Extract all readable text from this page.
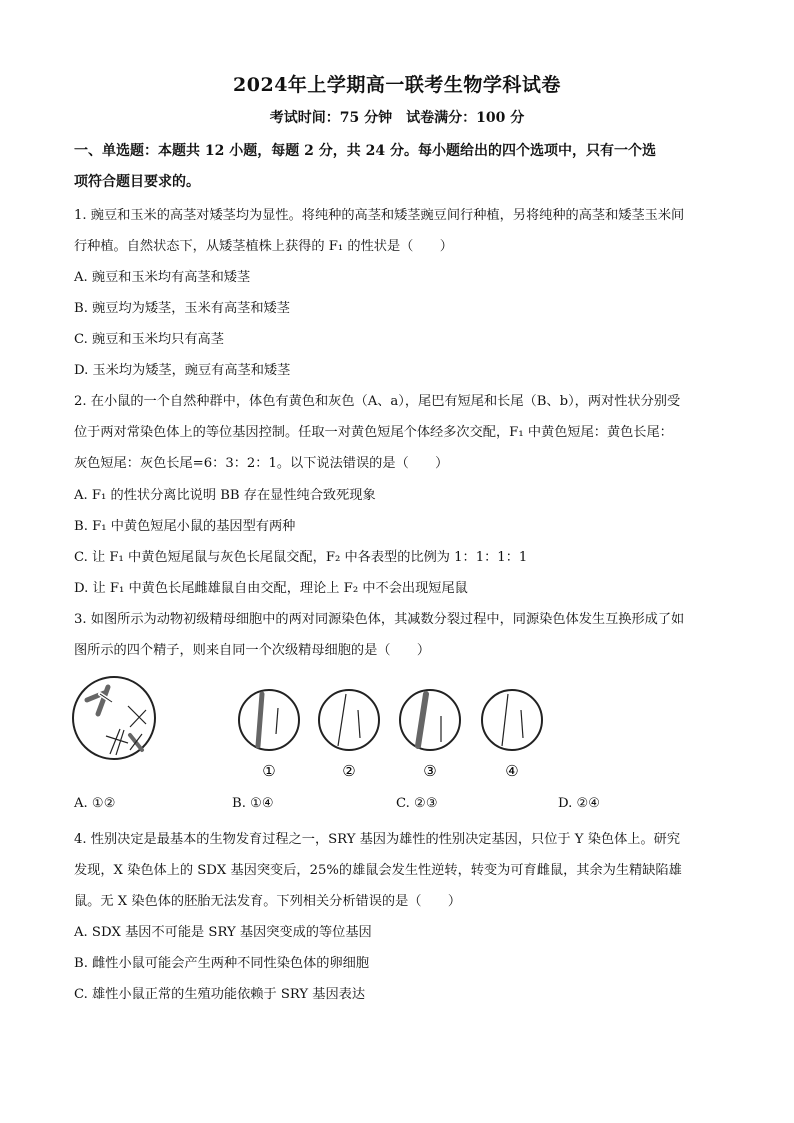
2024年上学期高一联考生物学科试卷
考试时间：75 分钟　试卷满分：100 分
一、单选题：本题共 12 小题，每题 2 分，共 24 分。每小题给出的四个选项中，只有一个选
项符合题目要求的。
1. 豌豆和玉米的高茎对矮茎均为显性。将纯种的高茎和矮茎豌豆间行种植，另将纯种的高茎和矮茎玉米间
行种植。自然状态下，从矮茎植株上获得的 F₁ 的性状是（　　）
A. 豌豆和玉米均有高茎和矮茎
B. 豌豆均为矮茎，玉米有高茎和矮茎
C. 豌豆和玉米均只有高茎
D. 玉米均为矮茎，豌豆有高茎和矮茎
2. 在小鼠的一个自然种群中，体色有黄色和灰色（A、a），尾巴有短尾和长尾（B、b），两对性状分别受
位于两对常染色体上的等位基因控制。任取一对黄色短尾个体经多次交配，F₁ 中黄色短尾：黄色长尾：
灰色短尾：灰色长尾=6：3：2：1。以下说法错误的是（　　）
A. F₁ 的性状分离比说明 BB 存在显性纯合致死现象
B. F₁ 中黄色短尾小鼠的基因型有两种
C. 让 F₁ 中黄色短尾鼠与灰色长尾鼠交配，F₂ 中各表型的比例为 1：1：1：1
D. 让 F₁ 中黄色长尾雌雄鼠自由交配，理论上 F₂ 中不会出现短尾鼠
3. 如图所示为动物初级精母细胞中的两对同源染色体，其减数分裂过程中，同源染色体发生互换形成了如
图所示的四个精子，则来自同一个次级精母细胞的是（　　）
①	②	③	④
A. ①②	B. ①④	C. ②③	D. ②④
4. 性别决定是最基本的生物发育过程之一，SRY 基因为雄性的性别决定基因，只位于 Y 染色体上。研究
发现，X 染色体上的 SDX 基因突变后，25%的雄鼠会发生性逆转，转变为可育雌鼠，其余为生精缺陷雄
鼠。无 X 染色体的胚胎无法发育。下列相关分析错误的是（　　）
A. SDX 基因不可能是 SRY 基因突变成的等位基因
B. 雌性小鼠可能会产生两种不同性染色体的卵细胞
C. 雄性小鼠正常的生殖功能依赖于 SRY 基因表达
